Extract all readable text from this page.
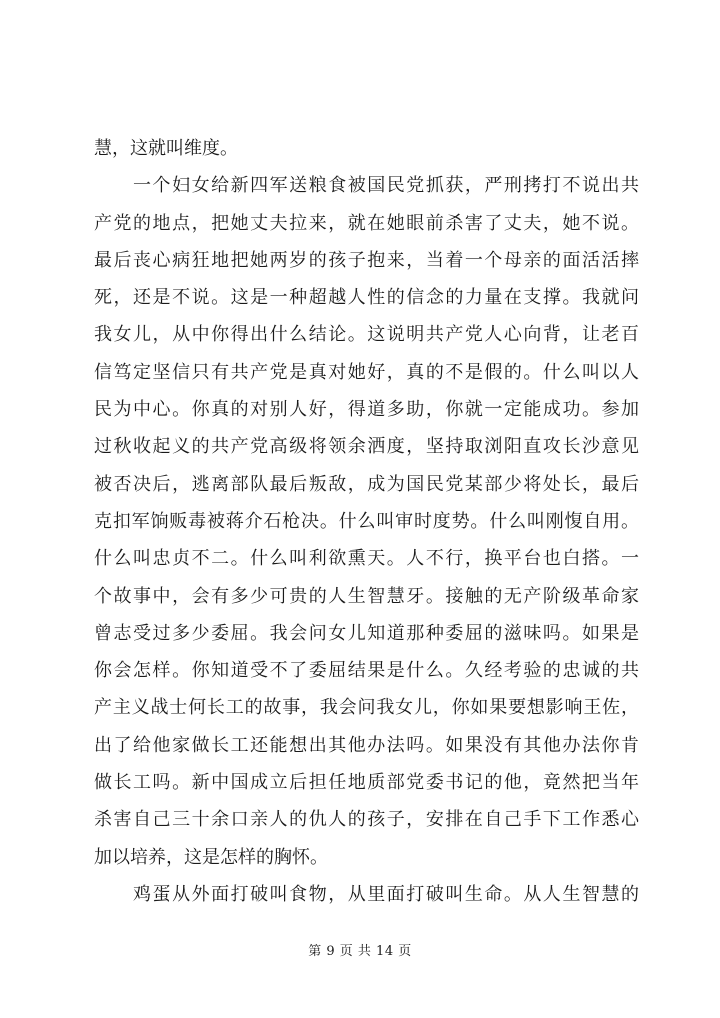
慧，这就叫维度。
　　一个妇女给新四军送粮食被国民党抓获，严刑拷打不说出共
产党的地点，把她丈夫拉来，就在她眼前杀害了丈夫，她不说。
最后丧心病狂地把她两岁的孩子抱来，当着一个母亲的面活活摔
死，还是不说。这是一种超越人性的信念的力量在支撑。我就问
我女儿，从中你得出什么结论。这说明共产党人心向背，让老百
信笃定坚信只有共产党是真对她好，真的不是假的。什么叫以人
民为中心。你真的对别人好，得道多助，你就一定能成功。参加
过秋收起义的共产党高级将领余洒度，坚持取浏阳直攻长沙意见
被否决后，逃离部队最后叛敌，成为国民党某部少将处长，最后
克扣军饷贩毒被蒋介石枪决。什么叫审时度势。什么叫刚愎自用。
什么叫忠贞不二。什么叫利欲熏天。人不行，换平台也白搭。一
个故事中，会有多少可贵的人生智慧牙。接触的无产阶级革命家
曾志受过多少委屈。我会问女儿知道那种委屈的滋味吗。如果是
你会怎样。你知道受不了委屈结果是什么。久经考验的忠诚的共
产主义战士何长工的故事，我会问我女儿，你如果要想影响王佐，
出了给他家做长工还能想出其他办法吗。如果没有其他办法你肯
做长工吗。新中国成立后担任地质部党委书记的他，竟然把当年
杀害自己三十余口亲人的仇人的孩子，安排在自己手下工作悉心
加以培养，这是怎样的胸怀。
　　鸡蛋从外面打破叫食物，从里面打破叫生命。从人生智慧的
第 9 页 共 14 页
